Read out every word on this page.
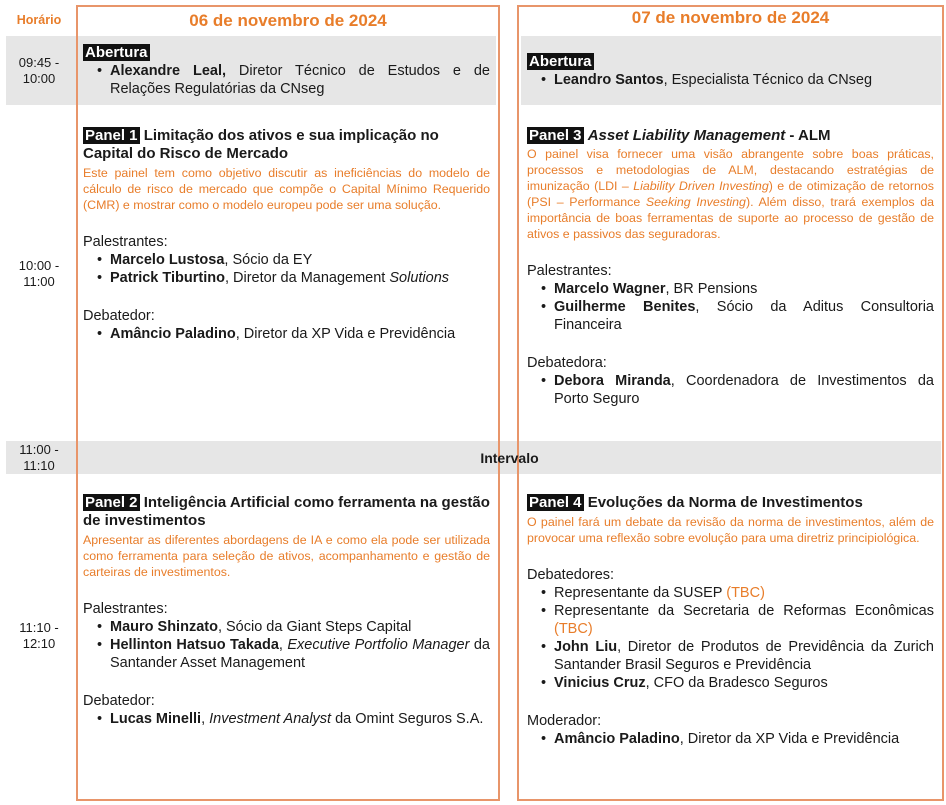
Horário	06 de novembro de 2024	07 de novembro de 2024
09:45 -
10:00
10:00 -
11:00
11:00 -
11:10
11:10 -
12:10
Intervalo
Abertura
• Alexandre Leal, Diretor Técnico de Estudos e de Relações Regulatórias da CNseg
Panel 1 Limitação dos ativos e sua implicação no Capital do Risco de Mercado
Este painel tem como objetivo discutir as ineficiências do modelo de cálculo de risco de mercado que compõe o Capital Mínimo Requerido (CMR) e mostrar como o modelo europeu pode ser uma solução.
Palestrantes:
• Marcelo Lustosa, Sócio da EY
• Patrick Tiburtino, Diretor da Management Solutions
Debatedor:
• Amâncio Paladino, Diretor da XP Vida e Previdência
Panel 2 Inteligência Artificial como ferramenta na gestão de investimentos
Apresentar as diferentes abordagens de IA e como ela pode ser utilizada como ferramenta para seleção de ativos, acompanhamento e gestão de carteiras de investimentos.
Palestrantes:
• Mauro Shinzato, Sócio da Giant Steps Capital
• Hellinton Hatsuo Takada, Executive Portfolio Manager da Santander Asset Management
Debatedor:
• Lucas Minelli, Investment Analyst da Omint Seguros S.A.
Abertura
• Leandro Santos, Especialista Técnico da CNseg
Panel 3 Asset Liability Management - ALM
O painel visa fornecer uma visão abrangente sobre boas práticas, processos e metodologias de ALM, destacando estratégias de imunização (LDI – Liability Driven Investing) e de otimização de retornos (PSI – Performance Seeking Investing). Além disso, trará exemplos da importância de boas ferramentas de suporte ao processo de gestão de ativos e passivos das seguradoras.
Palestrantes:
• Marcelo Wagner, BR Pensions
• Guilherme Benites, Sócio da Aditus Consultoria Financeira
Debatedora:
• Debora Miranda, Coordenadora de Investimentos da Porto Seguro
Panel 4 Evoluções da Norma de Investimentos
O painel fará um debate da revisão da norma de investimentos, além de provocar uma reflexão sobre evolução para uma diretriz principiológica.
Debatedores:
• Representante da SUSEP (TBC)
• Representante da Secretaria de Reformas Econômicas (TBC)
• John Liu, Diretor de Produtos de Previdência da Zurich Santander Brasil Seguros e Previdência
• Vinicius Cruz, CFO da Bradesco Seguros
Moderador:
• Amâncio Paladino, Diretor da XP Vida e Previdência
